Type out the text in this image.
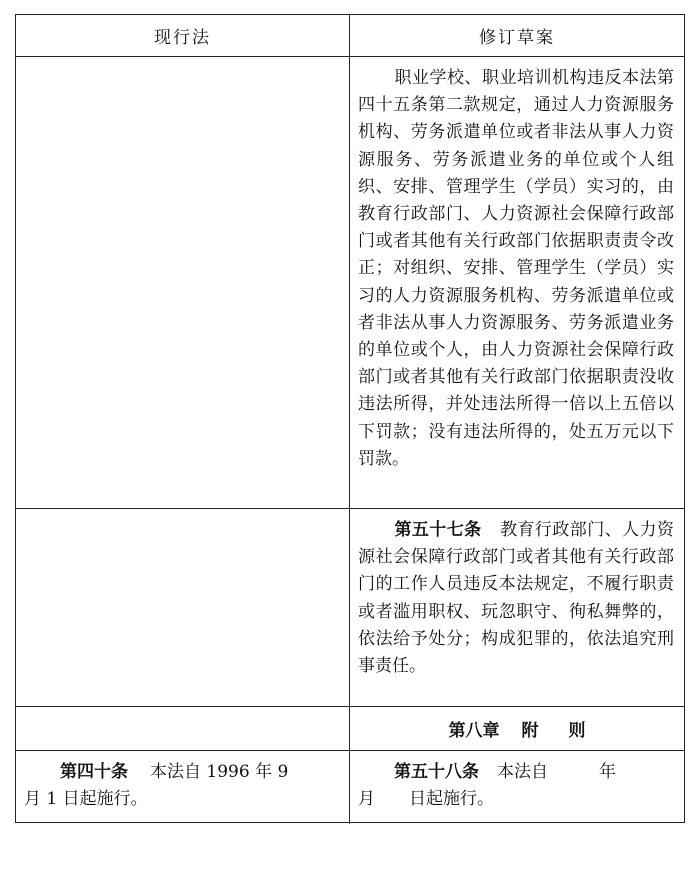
现行法	修订草案

职业学校、职业培训机构违反本法第四十五条第二款规定，通过人力资源服务机构、劳务派遣单位或者非法从事人力资源服务、劳务派遣业务的单位或个人组织、安排、管理学生（学员）实习的，由教育行政部门、人力资源社会保障行政部门或者其他有关行政部门依据职责责令改正；对组织、安排、管理学生（学员）实习的人力资源服务机构、劳务派遣单位或者非法从事人力资源服务、劳务派遣业务的单位或个人，由人力资源社会保障行政部门或者其他有关行政部门依据职责没收违法所得，并处违法所得一倍以上五倍以下罚款；没有违法所得的，处五万元以下罚款。

第五十七条 教育行政部门、人力资源社会保障行政部门或者其他有关行政部门的工作人员违反本法规定，不履行职责或者滥用职权、玩忽职守、徇私舞弊的，依法给予处分；构成犯罪的，依法追究刑事责任。

第八章 附 则
第四十条 本法自 1996 年 9
月 1 日起施行。
第五十八条 本法自　　　年
月　　日起施行。
